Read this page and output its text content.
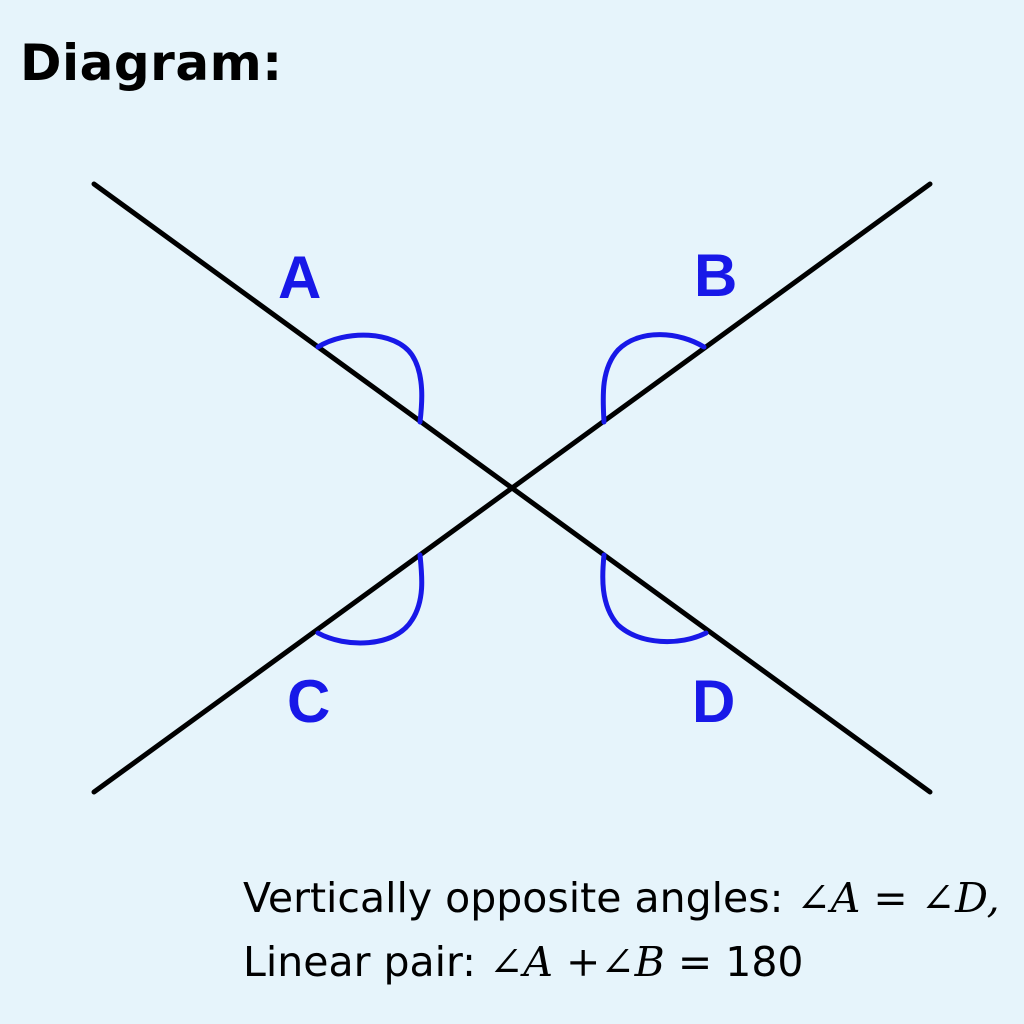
Diagram:
A	B
C	D
Vertically opposite angles: ∠A = ∠D,
Linear pair: ∠A +∠B = 180
